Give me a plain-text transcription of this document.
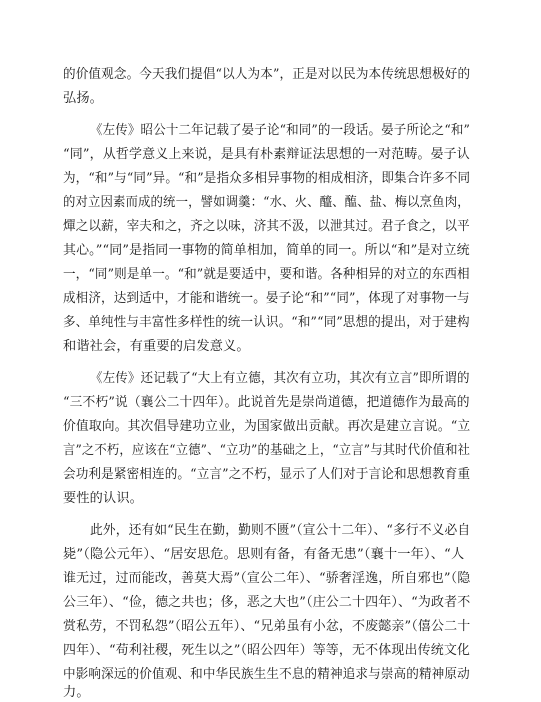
的价值观念。今天我们提倡“以人为本”，正是对以民为本传统思想极好的
弘扬。
《左传》昭公十二年记载了晏子论“和同”的一段话。晏子所论之“和”
“同”，从哲学意义上来说，是具有朴素辩证法思想的一对范畴。晏子认
为，“和”与“同”异。“和”是指众多相异事物的相成相济，即集合许多不同
的对立因素而成的统一，譬如调羹：“水、火、醯、醢、盐、梅以烹鱼肉，
燀之以薪，宰夫和之，齐之以味，济其不汲，以泄其过。君子食之，以平
其心。”“同”是指同一事物的简单相加，简单的同一。所以“和”是对立统
一，“同”则是单一。“和”就是要适中，要和谐。各种相异的对立的东西相
成相济，达到适中，才能和谐统一。晏子论“和”“同”，体现了对事物一与
多、单纯性与丰富性多样性的统一认识。“和”“同”思想的提出，对于建构
和谐社会，有重要的启发意义。
《左传》还记载了“大上有立德，其次有立功，其次有立言”即所谓的
“三不朽”说（襄公二十四年）。此说首先是崇尚道德，把道德作为最高的
价值取向。其次倡导建功立业，为国家做出贡献。再次是建立言说。“立
言”之不朽，应该在“立德”、“立功”的基础之上，“立言”与其时代价值和社
会功利是紧密相连的。“立言”之不朽，显示了人们对于言论和思想教育重
要性的认识。
此外，还有如“民生在勤，勤则不匮”（宣公十二年）、“多行不义必自
毙”（隐公元年）、“居安思危。思则有备，有备无患”（襄十一年）、“人
谁无过，过而能改，善莫大焉”（宣公二年）、“骄奢淫逸，所自邪也”（隐
公三年）、“俭，德之共也；侈，恶之大也”（庄公二十四年）、“为政者不
赏私劳，不罚私怨”（昭公五年）、“兄弟虽有小忿，不废懿亲”（僖公二十
四年）、“苟利社稷，死生以之”（昭公四年）等等，无不体现出传统文化
中影响深远的价值观、和中华民族生生不息的精神追求与崇高的精神原动
力。
